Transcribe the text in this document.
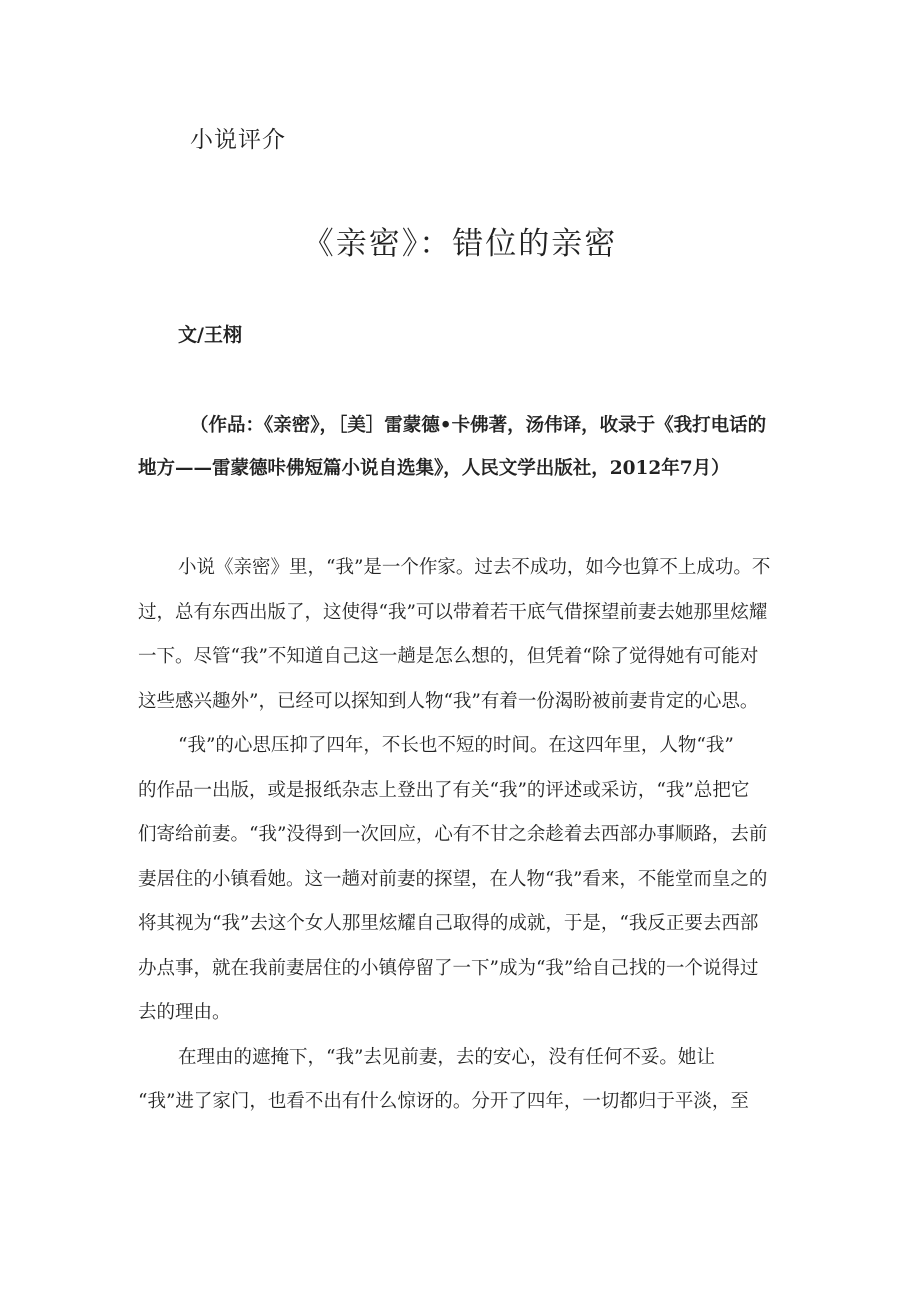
小说评介
《亲密》：错位的亲密
文/王栩
（作品：《亲密》，［美］雷蒙德•卡佛著，汤伟译，收录于《我打电话的
地方——雷蒙德咔佛短篇小说自选集》，人民文学出版社，2012年7月）
小说《亲密》里，“我”是一个作家。过去不成功，如今也算不上成功。不
过，总有东西出版了，这使得“我”可以带着若干底气借探望前妻去她那里炫耀
一下。尽管“我”不知道自己这一趟是怎么想的，但凭着“除了觉得她有可能对
这些感兴趣外”，已经可以探知到人物“我”有着一份渴盼被前妻肯定的心思。
“我”的心思压抑了四年，不长也不短的时间。在这四年里，人物“我”
的作品一出版，或是报纸杂志上登出了有关“我”的评述或采访，“我”总把它
们寄给前妻。“我”没得到一次回应，心有不甘之余趁着去西部办事顺路，去前
妻居住的小镇看她。这一趟对前妻的探望，在人物“我”看来，不能堂而皇之的
将其视为“我”去这个女人那里炫耀自己取得的成就，于是，“我反正要去西部
办点事，就在我前妻居住的小镇停留了一下”成为“我”给自己找的一个说得过
去的理由。
在理由的遮掩下，“我”去见前妻，去的安心，没有任何不妥。她让
“我”进了家门，也看不出有什么惊讶的。分开了四年，一切都归于平淡，至
